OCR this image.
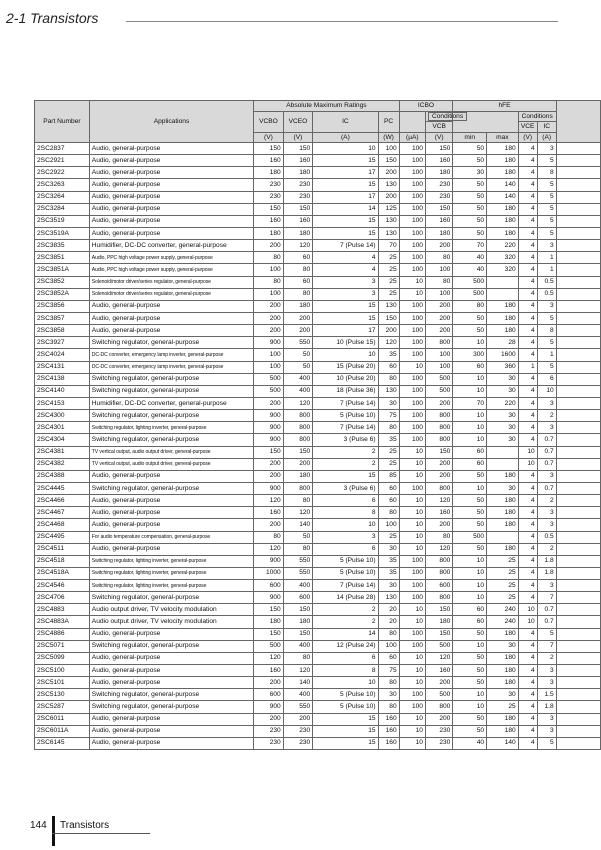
2-1 Transistors
Part Number	Applications	Absolute Maximum Ratings				ICBO		hFE				
		VCBO	VCEO	IC	PC		Conditions			Conditions		
							VCB			VCE	IC	
		(V)	(V)	(A)	(W)	(µA)	(V)	min	max	(V)	(A)	
2SC2837	Audio, general-purpose	150	150	10	100	100	150	50	180	4	3	
2SC2921	Audio, general-purpose	160	160	15	150	100	160	50	180	4	5	
2SC2922	Audio, general-purpose	180	180	17	200	100	180	30	180	4	8	
2SC3263	Audio, general-purpose	230	230	15	130	100	230	50	140	4	5	
2SC3264	Audio, general-purpose	230	230	17	200	100	230	50	140	4	5	
2SC3284	Audio, general-purpose	150	150	14	125	100	150	50	180	4	5	
2SC3519	Audio, general-purpose	160	160	15	130	100	160	50	180	4	5	
2SC3519A	Audio, general-purpose	180	180	15	130	100	180	50	180	4	5	
2SC3835	Humidifier, DC-DC converter, general-purpose	200	120	7 (Pulse 14)	70	100	200	70	220	4	3	
2SC3851	Audio, PPC high voltage power supply, general-purpose	80	60	4	25	100	80	40	320	4	1	
2SC3851A	Audio, PPC high voltage power supply, general-purpose	100	80	4	25	100	100	40	320	4	1	
2SC3852	Solenoid/motor driver/series regulator, general-purpose	80	60	3	25	10	80	500		4	0.5	
2SC3852A	Solenoid/motor driver/series regulator, general-purpose	100	80	3	25	10	100	500		4	0.5	
2SC3856	Audio, general-purpose	200	180	15	130	100	200	80	180	4	3	
2SC3857	Audio, general-purpose	200	200	15	150	100	200	50	180	4	5	
2SC3858	Audio, general-purpose	200	200	17	200	100	200	50	180	4	8	
2SC3927	Switching regulator, general-purpose	900	550	10 (Pulse 15)	120	100	800	10	28	4	5	
2SC4024	DC-DC converter, emergency lamp inverter, general-purpose	100	50	10	35	100	100	300	1600	4	1	
2SC4131	DC-DC converter, emergency lamp inverter, general-purpose	100	50	15 (Pulse 20)	60	10	100	60	360	1	5	
2SC4138	Switching regulator, general-purpose	500	400	10 (Pulse 20)	80	100	500	10	30	4	6	
2SC4140	Switching regulator, general-purpose	500	400	18 (Pulse 36)	130	100	500	10	30	4	10	
2SC4153	Humidifier, DC-DC converter, general-purpose	200	120	7 (Pulse 14)	30	100	200	70	220	4	3	
2SC4300	Switching regulator, general-purpose	900	800	5 (Pulse 10)	75	100	800	10	30	4	2	
2SC4301	Switching regulator, lighting inverter, general-purpose	900	800	7 (Pulse 14)	80	100	800	10	30	4	3	
2SC4304	Switching regulator, general-purpose	900	800	3 (Pulse 6)	35	100	800	10	30	4	0.7	
2SC4381	TV vertical output, audio output driver, general-purpose	150	150	2	25	10	150	60		10	0.7	
2SC4382	TV vertical output, audio output driver, general-purpose	200	200	2	25	10	200	60		10	0.7	
2SC4388	Audio, general-purpose	200	180	15	85	10	200	50	180	4	3	
2SC4445	Switching regulator, general-purpose	900	800	3 (Pulse 6)	60	100	800	10	30	4	0.7	
2SC4466	Audio, general-purpose	120	80	6	60	10	120	50	180	4	2	
2SC4467	Audio, general-purpose	160	120	8	80	10	160	50	180	4	3	
2SC4468	Audio, general-purpose	200	140	10	100	10	200	50	180	4	3	
2SC4495	For audio temperature compensation, general-purpose	80	50	3	25	10	80	500		4	0.5	
2SC4511	Audio, general-purpose	120	80	6	30	10	120	50	180	4	2	
2SC4518	Switching regulator, lighting inverter, general-purpose	900	550	5 (Pulse 10)	35	100	800	10	25	4	1.8	
2SC4518A	Switching regulator, lighting inverter, general-purpose	1000	550	5 (Pulse 10)	35	100	800	10	25	4	1.8	
2SC4546	Switching regulator, lighting inverter, general-purpose	600	400	7 (Pulse 14)	30	100	600	10	25	4	3	
2SC4706	Switching regulator, general-purpose	900	600	14 (Pulse 28)	130	100	800	10	25	4	7	
2SC4883	Audio output driver, TV velocity modulation	150	150	2	20	10	150	60	240	10	0.7	
2SC4883A	Audio output driver, TV velocity modulation	180	180	2	20	10	180	60	240	10	0.7	
2SC4886	Audio, general-purpose	150	150	14	80	100	150	50	180	4	5	
2SC5071	Switching regulator, general-purpose	500	400	12 (Pulse 24)	100	100	500	10	30	4	7	
2SC5099	Audio, general-purpose	120	80	6	60	10	120	50	180	4	2	
2SC5100	Audio, general-purpose	160	120	8	75	10	160	50	180	4	3	
2SC5101	Audio, general-purpose	200	140	10	80	10	200	50	180	4	3	
2SC5130	Switching regulator, general-purpose	600	400	5 (Pulse 10)	30	100	500	10	30	4	1.5	
2SC5287	Switching regulator, general-purpose	900	550	5 (Pulse 10)	80	100	800	10	25	4	1.8	
2SC6011	Audio, general-purpose	200	200	15	160	10	200	50	180	4	3	
2SC6011A	Audio, general-purpose	230	230	15	160	10	230	50	180	4	3	
2SC6145	Audio, general-purpose	230	230	15	160	10	230	40	140	4	5	
144 Transistors
